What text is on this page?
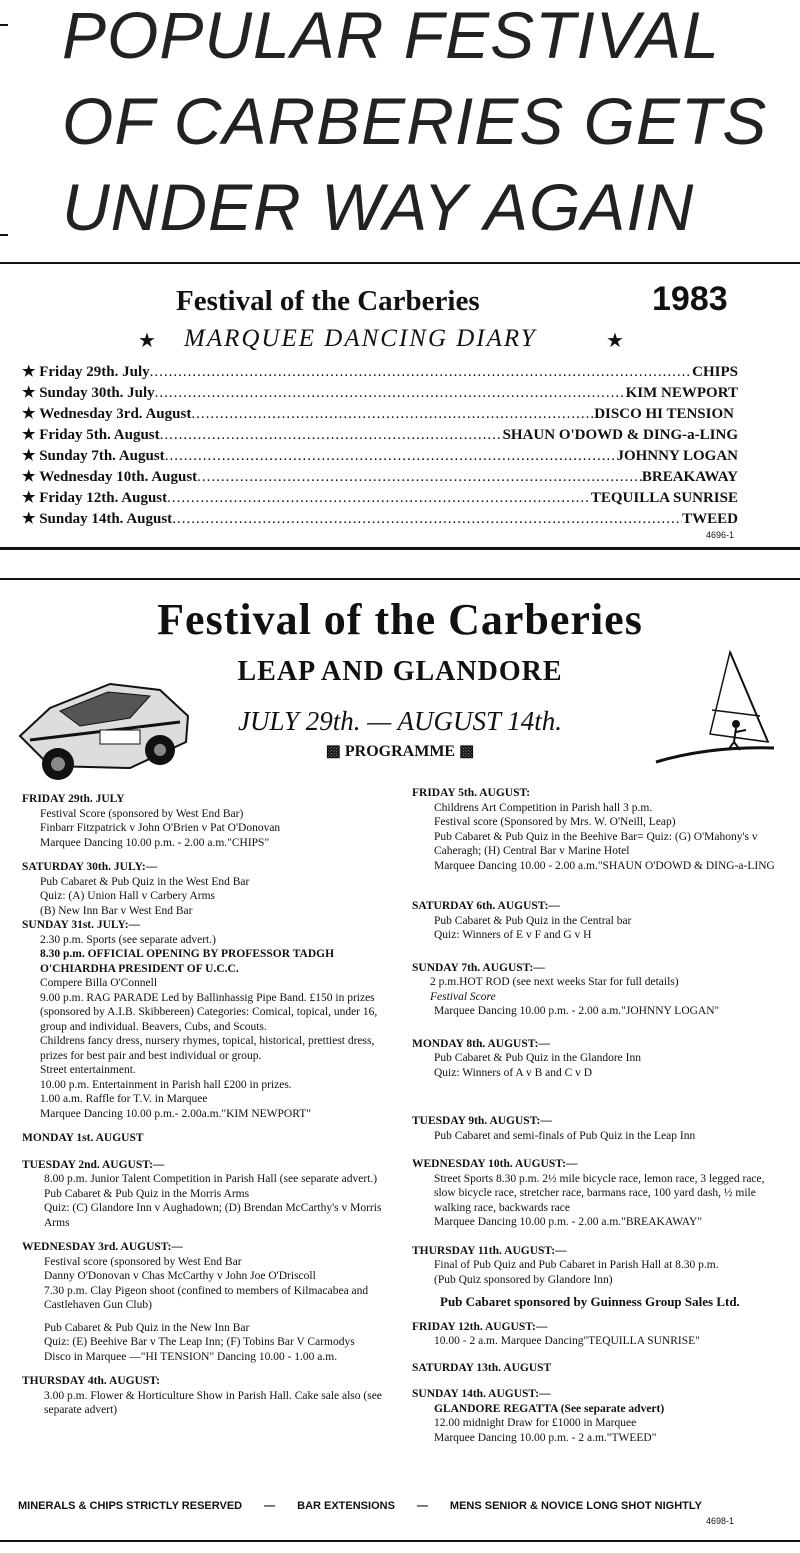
POPULAR FESTIVAL
OF CARBERIES GETS
UNDER WAY AGAIN
Festival of the Carberies	1983
★ MARQUEE DANCING DIARY	★
★ Friday 29th. July .....	CHIPS
★ Sunday 30th. July .....	KIM NEWPORT
★ Wednesday 3rd. August .....	DISCO HI TENSION
★ Friday 5th. August .....	SHAUN O'DOWD & DING-a-LING
★ Sunday 7th. August .....	JOHNNY LOGAN
★ Wednesday 10th. August .....	BREAKAWAY
★ Friday 12th. August .....	TEQUILLA SUNRISE
★ Sunday 14th. August .....	TWEED
4696-1
Festival of the Carberies
LEAP AND GLANDORE
JULY 29th. — AUGUST 14th.
▩ PROGRAMME ▩

FRIDAY 29th. JULY

Festival Score (sponsored by West End Bar)

Finbarr Fitzpatrick v John O'Brien v Pat O'Donovan

Marquee Dancing 10.00 p.m. - 2.00 a.m."CHIPS"

SATURDAY 30th. JULY:—

Pub Cabaret & Pub Quiz in the West End Bar

Quiz: (A) Union Hall v Carbery Arms

(B) New Inn Bar v West End Bar

SUNDAY 31st. JULY:—

2.30 p.m. Sports (see separate advert.)

8.30 p.m. OFFICIAL OPENING BY PROFESSOR TADGH O'CHIARDHA PRESIDENT OF U.C.C.

Compere Billa O'Connell

9.00 p.m. RAG PARADE Led by Ballinhassig Pipe Band. £150 in prizes (sponsored by A.I.B. Skibbereen) Categories: Comical, topical, under 16, group and individual. Beavers, Cubs, and Scouts.

Childrens fancy dress, nursery rhymes, topical, historical, prettiest dress, prizes for best pair and best individual or group.

Street entertainment.

10.00 p.m. Entertainment in Parish hall £200 in prizes.

1.00 a.m. Raffle for T.V. in Marquee

Marquee Dancing 10.00 p.m.- 2.00a.m."KIM NEWPORT"

MONDAY 1st. AUGUST

TUESDAY 2nd. AUGUST:—

8.00 p.m. Junior Talent Competition in Parish Hall (see separate advert.)

Pub Cabaret & Pub Quiz in the Morris Arms

Quiz: (C) Glandore Inn v Aughadown; (D) Brendan McCarthy's v Morris Arms

WEDNESDAY 3rd. AUGUST:—

Festival score (sponsored by West End Bar

Danny O'Donovan v Chas McCarthy v John Joe O'Driscoll

7.30 p.m. Clay Pigeon shoot (confined to members of Kilmacabea and Castlehaven Gun Club)

Pub Cabaret & Pub Quiz in the New Inn Bar

Quiz: (E) Beehive Bar v The Leap Inn; (F) Tobins Bar V Carmodys

Disco in Marquee —"HI TENSION" Dancing 10.00 - 1.00 a.m.

THURSDAY 4th. AUGUST:

3.00 p.m. Flower & Horticulture Show in Parish Hall. Cake sale also (see separate advert)

FRIDAY 5th. AUGUST:

Childrens Art Competition in Parish hall 3 p.m.

Festival score (Sponsored by Mrs. W. O'Neill, Leap)

Pub Cabaret & Pub Quiz in the Beehive Bar= Quiz: (G) O'Mahony's v Caheragh; (H) Central Bar v Marine Hotel

Marquee Dancing 10.00 - 2.00 a.m."SHAUN O'DOWD & DING-a-LING

SATURDAY 6th. AUGUST:—

Pub Cabaret & Pub Quiz in the Central bar

Quiz: Winners of E v F and G v H

SUNDAY 7th. AUGUST:—

2 p.m.HOT ROD (see next weeks Star for full details)

Festival Score

Marquee Dancing 10.00 p.m. - 2.00 a.m."JOHNNY LOGAN"

MONDAY 8th. AUGUST:—

Pub Cabaret & Pub Quiz in the Glandore Inn

Quiz: Winners of A v B and C v D

TUESDAY 9th. AUGUST:—

Pub Cabaret and semi-finals of Pub Quiz in the Leap Inn

WEDNESDAY 10th. AUGUST:—

Street Sports 8.30 p.m. 2½ mile bicycle race, lemon race, 3 legged race, slow bicycle race, stretcher race, barmans race, 100 yard dash, ½ mile walking race, backwards race

Marquee Dancing 10.00 p.m. - 2.00 a.m."BREAKAWAY"

THURSDAY 11th. AUGUST:—

Final of Pub Quiz and Pub Cabaret in Parish Hall at 8.30 p.m.

(Pub Quiz sponsored by Glandore Inn)

Pub Cabaret sponsored by Guinness Group Sales Ltd.

FRIDAY 12th. AUGUST:—

10.00 - 2 a.m. Marquee Dancing"TEQUILLA SUNRISE"

SATURDAY 13th. AUGUST

SUNDAY 14th. AUGUST:—

GLANDORE REGATTA (See separate advert)

12.00 midnight Draw for £1000 in Marquee

Marquee Dancing 10.00 p.m. - 2 a.m."TWEED"

MINERALS & CHIPS STRICTLY RESERVED — BAR EXTENSIONS — MENS SENIOR & NOVICE LONG SHOT NIGHTLY
4698-1
